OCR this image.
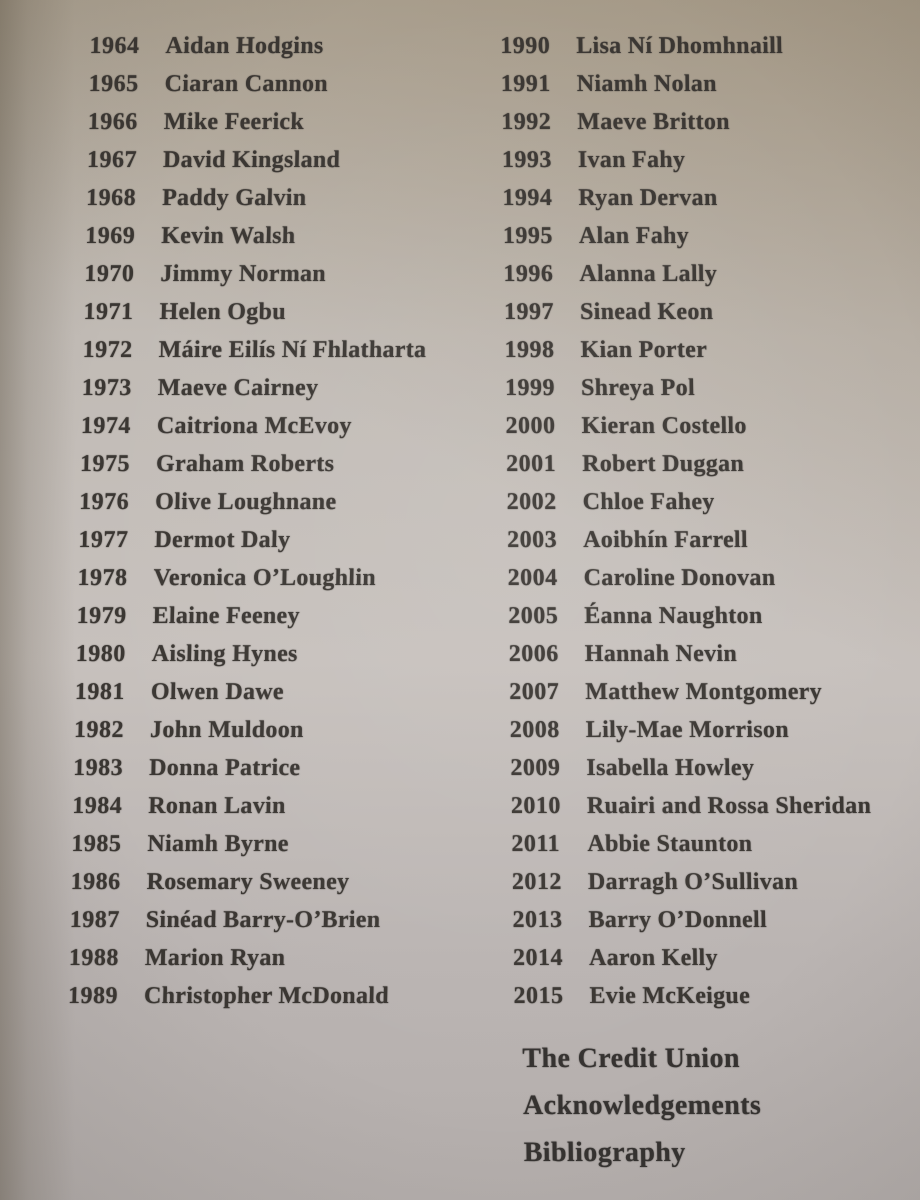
1964	Aidan Hodgins
1965	Ciaran Cannon
1966	Mike Feerick
1967	David Kingsland
1968	Paddy Galvin
1969	Kevin Walsh
1970	Jimmy Norman
1971	Helen Ogbu
1972	Máire Eilís Ní Fhlatharta
1973	Maeve Cairney
1974	Caitriona McEvoy
1975	Graham Roberts
1976	Olive Loughnane
1977	Dermot Daly
1978	Veronica O’Loughlin
1979	Elaine Feeney
1980	Aisling Hynes
1981	Olwen Dawe
1982	John Muldoon
1983	Donna Patrice
1984	Ronan Lavin
1985	Niamh Byrne
1986	Rosemary Sweeney
1987	Sinéad Barry-O’Brien
1988	Marion Ryan
1989	Christopher McDonald
1990	Lisa Ní Dhomhnaill
1991	Niamh Nolan
1992	Maeve Britton
1993	Ivan Fahy
1994	Ryan Dervan
1995	Alan Fahy
1996	Alanna Lally
1997	Sinead Keon
1998	Kian Porter
1999	Shreya Pol
2000	Kieran Costello
2001	Robert Duggan
2002	Chloe Fahey
2003	Aoibhín Farrell
2004	Caroline Donovan
2005	Éanna Naughton
2006	Hannah Nevin
2007	Matthew Montgomery
2008	Lily-Mae Morrison
2009	Isabella Howley
2010	Ruairi and Rossa Sheridan
2011	Abbie Staunton
2012	Darragh O’Sullivan
2013	Barry O’Donnell
2014	Aaron Kelly
2015	Evie McKeigue
The Credit Union
Acknowledgements
Bibliography
